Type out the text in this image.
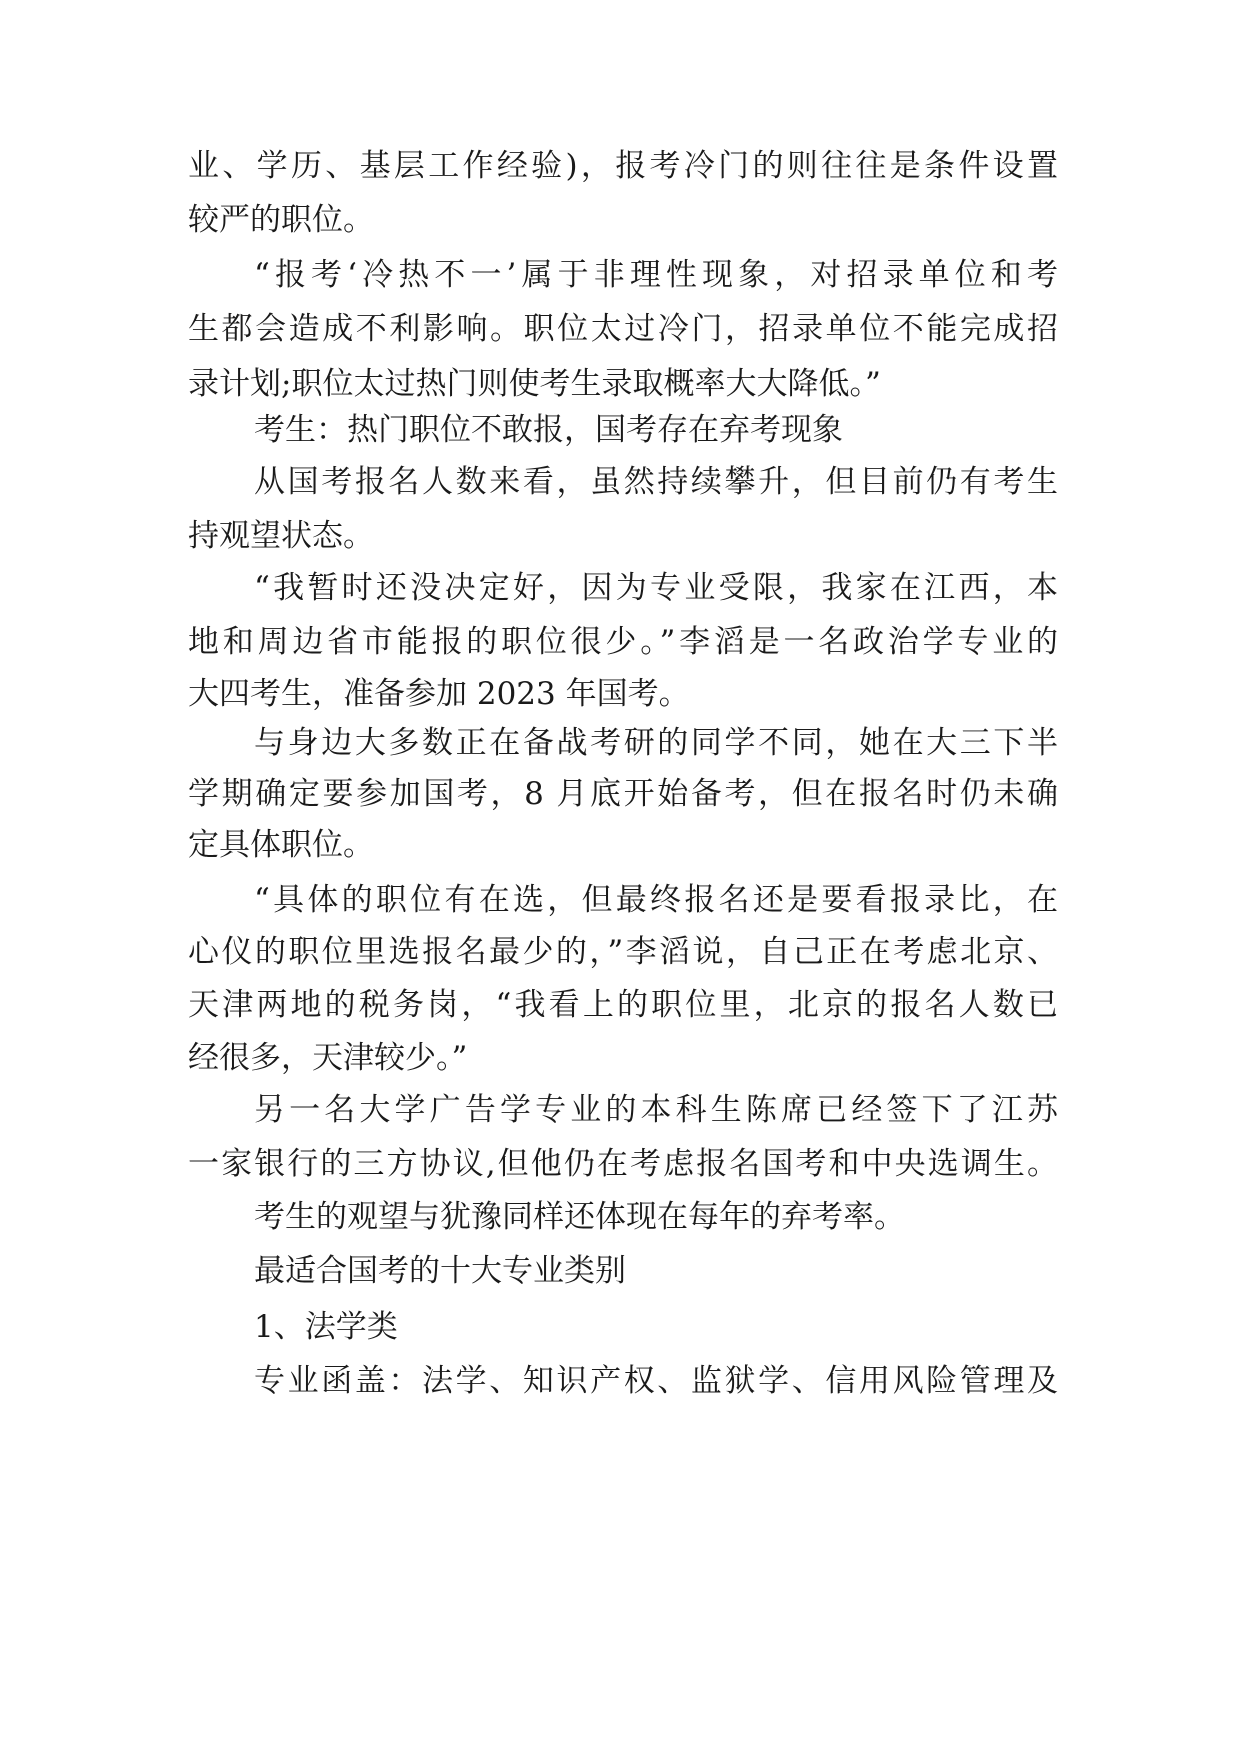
业、学历、基层工作经验)，报考冷门的则往往是条件设置
较严的职位。
“报考‘冷热不一’属于非理性现象，对招录单位和考
生都会造成不利影响。职位太过冷门，招录单位不能完成招
录计划;职位太过热门则使考生录取概率大大降低。”
考生：热门职位不敢报，国考存在弃考现象
从国考报名人数来看，虽然持续攀升，但目前仍有考生
持观望状态。
“我暂时还没决定好，因为专业受限，我家在江西，本
地和周边省市能报的职位很少。”李滔是一名政治学专业的
大四考生，准备参加 2023 年国考。
与身边大多数正在备战考研的同学不同，她在大三下半
学期确定要参加国考，8 月底开始备考，但在报名时仍未确
定具体职位。
“具体的职位有在选，但最终报名还是要看报录比，在
心仪的职位里选报名最少的，”李滔说，自己正在考虑北京、
天津两地的税务岗，“我看上的职位里，北京的报名人数已
经很多，天津较少。”
另一名大学广告学专业的本科生陈席已经签下了江苏
一家银行的三方协议,但他仍在考虑报名国考和中央选调生。
考生的观望与犹豫同样还体现在每年的弃考率。
最适合国考的十大专业类别
1、法学类
专业函盖：法学、知识产权、监狱学、信用风险管理及
